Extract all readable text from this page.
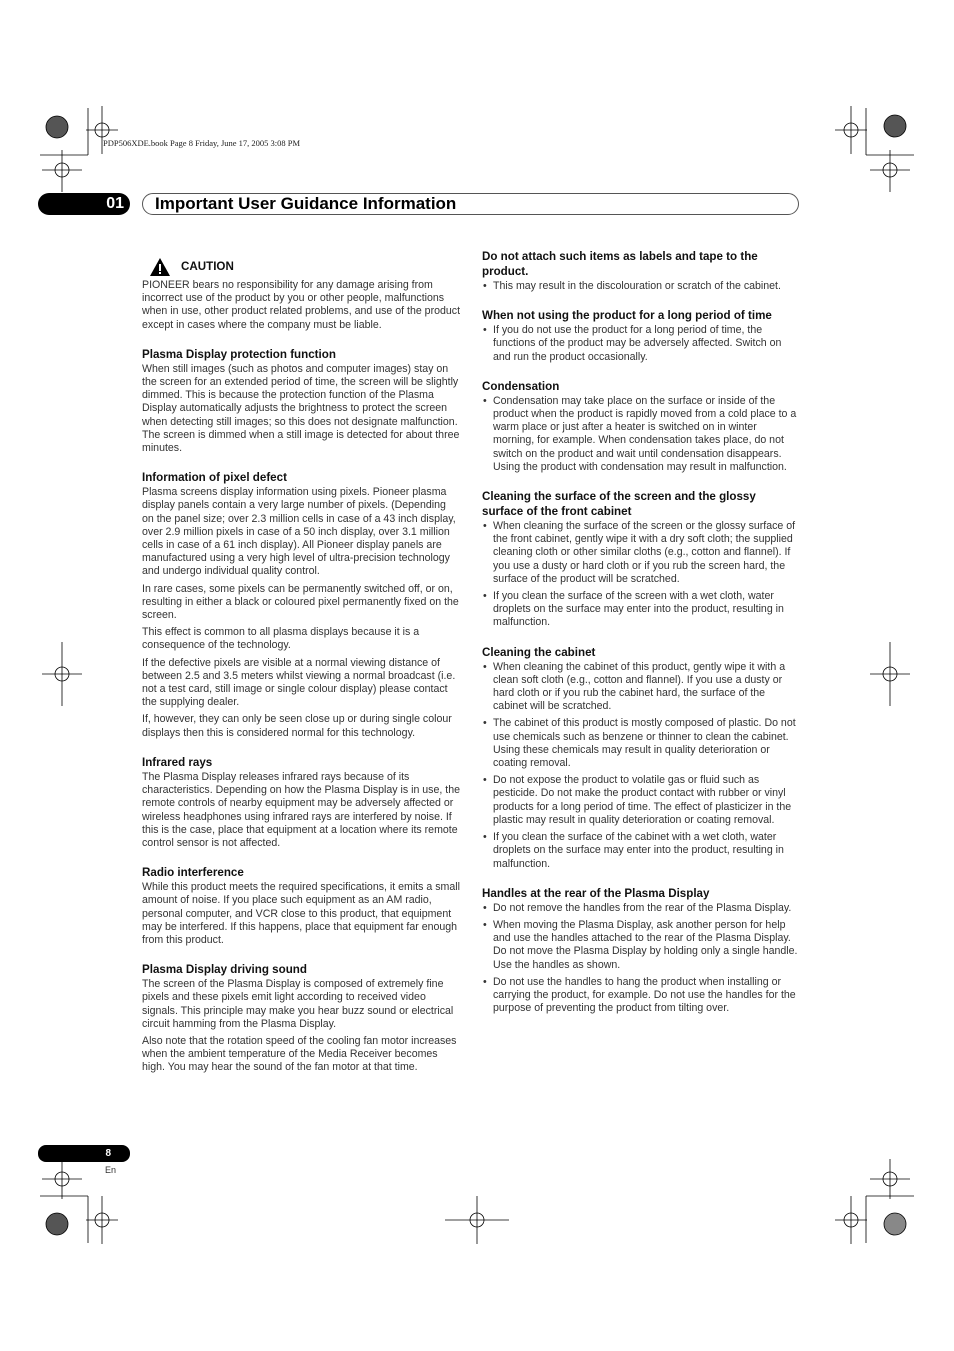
PDP506XDE.book Page 8 Friday, June 17, 2005 3:08 PM
01 Important User Guidance Information
CAUTION

PIONEER bears no responsibility for any damage arising from incorrect use of the product by you or other people, malfunctions when in use, other product related problems, and use of the product except in cases where the company must be liable.

Plasma Display protection function

When still images (such as photos and computer images) stay on the screen for an extended period of time, the screen will be slightly dimmed. This is because the protection function of the Plasma Display automatically adjusts the brightness to protect the screen when detecting still images; so this does not designate malfunction. The screen is dimmed when a still image is detected for about three minutes.

Information of pixel defect

Plasma screens display information using pixels. Pioneer plasma display panels contain a very large number of pixels. (Depending on the panel size; over 2.3 million cells in case of a 43 inch display, over 2.9 million pixels in case of a 50 inch display, over 3.1 million cells in case of a 61 inch display). All Pioneer display panels are manufactured using a very high level of ultra-precision technology and undergo individual quality control.

In rare cases, some pixels can be permanently switched off, or on, resulting in either a black or coloured pixel permanently fixed on the screen.

This effect is common to all plasma displays because it is a consequence of the technology.

If the defective pixels are visible at a normal viewing distance of between 2.5 and 3.5 meters whilst viewing a normal broadcast (i.e. not a test card, still image or single colour display) please contact the supplying dealer.

If, however, they can only be seen close up or during single colour displays then this is considered normal for this technology.

Infrared rays

The Plasma Display releases infrared rays because of its characteristics. Depending on how the Plasma Display is in use, the remote controls of nearby equipment may be adversely affected or wireless headphones using infrared rays are interfered by noise. If this is the case, place that equipment at a location where its remote control sensor is not affected.

Radio interference

While this product meets the required specifications, it emits a small amount of noise. If you place such equipment as an AM radio, personal computer, and VCR close to this product, that equipment may be interfered. If this happens, place that equipment far enough from this product.

Plasma Display driving sound

The screen of the Plasma Display is composed of extremely fine pixels and these pixels emit light according to received video signals. This principle may make you hear buzz sound or electrical circuit hamming from the Plasma Display.

Also note that the rotation speed of the cooling fan motor increases when the ambient temperature of the Media Receiver becomes high. You may hear the sound of the fan motor at that time.

Do not attach such items as labels and tape to the product.
• This may result in the discolouration or scratch of the cabinet.
When not using the product for a long period of time
• If you do not use the product for a long period of time, the functions of the product may be adversely affected. Switch on and run the product occasionally.
Condensation
• Condensation may take place on the surface or inside of the product when the product is rapidly moved from a cold place to a warm place or just after a heater is switched on in winter morning, for example. When condensation takes place, do not switch on the product and wait until condensation disappears. Using the product with condensation may result in malfunction.
Cleaning the surface of the screen and the glossy surface of the front cabinet
• When cleaning the surface of the screen or the glossy surface of the front cabinet, gently wipe it with a dry soft cloth; the supplied cleaning cloth or other similar cloths (e.g., cotton and flannel). If you use a dusty or hard cloth or if you rub the screen hard, the surface of the product will be scratched.
• If you clean the surface of the screen with a wet cloth, water droplets on the surface may enter into the product, resulting in malfunction.
Cleaning the cabinet
• When cleaning the cabinet of this product, gently wipe it with a clean soft cloth (e.g., cotton and flannel). If you use a dusty or hard cloth or if you rub the cabinet hard, the surface of the cabinet will be scratched.
• The cabinet of this product is mostly composed of plastic. Do not use chemicals such as benzene or thinner to clean the cabinet. Using these chemicals may result in quality deterioration or coating removal.
• Do not expose the product to volatile gas or fluid such as pesticide. Do not make the product contact with rubber or vinyl products for a long period of time. The effect of plasticizer in the plastic may result in quality deterioration or coating removal.
• If you clean the surface of the cabinet with a wet cloth, water droplets on the surface may enter into the product, resulting in malfunction.
Handles at the rear of the Plasma Display
• Do not remove the handles from the rear of the Plasma Display.
• When moving the Plasma Display, ask another person for help and use the handles attached to the rear of the Plasma Display. Do not move the Plasma Display by holding only a single handle. Use the handles as shown.
• Do not use the handles to hang the product when installing or carrying the product, for example. Do not use the handles for the purpose of preventing the product from tilting over.
8
En
